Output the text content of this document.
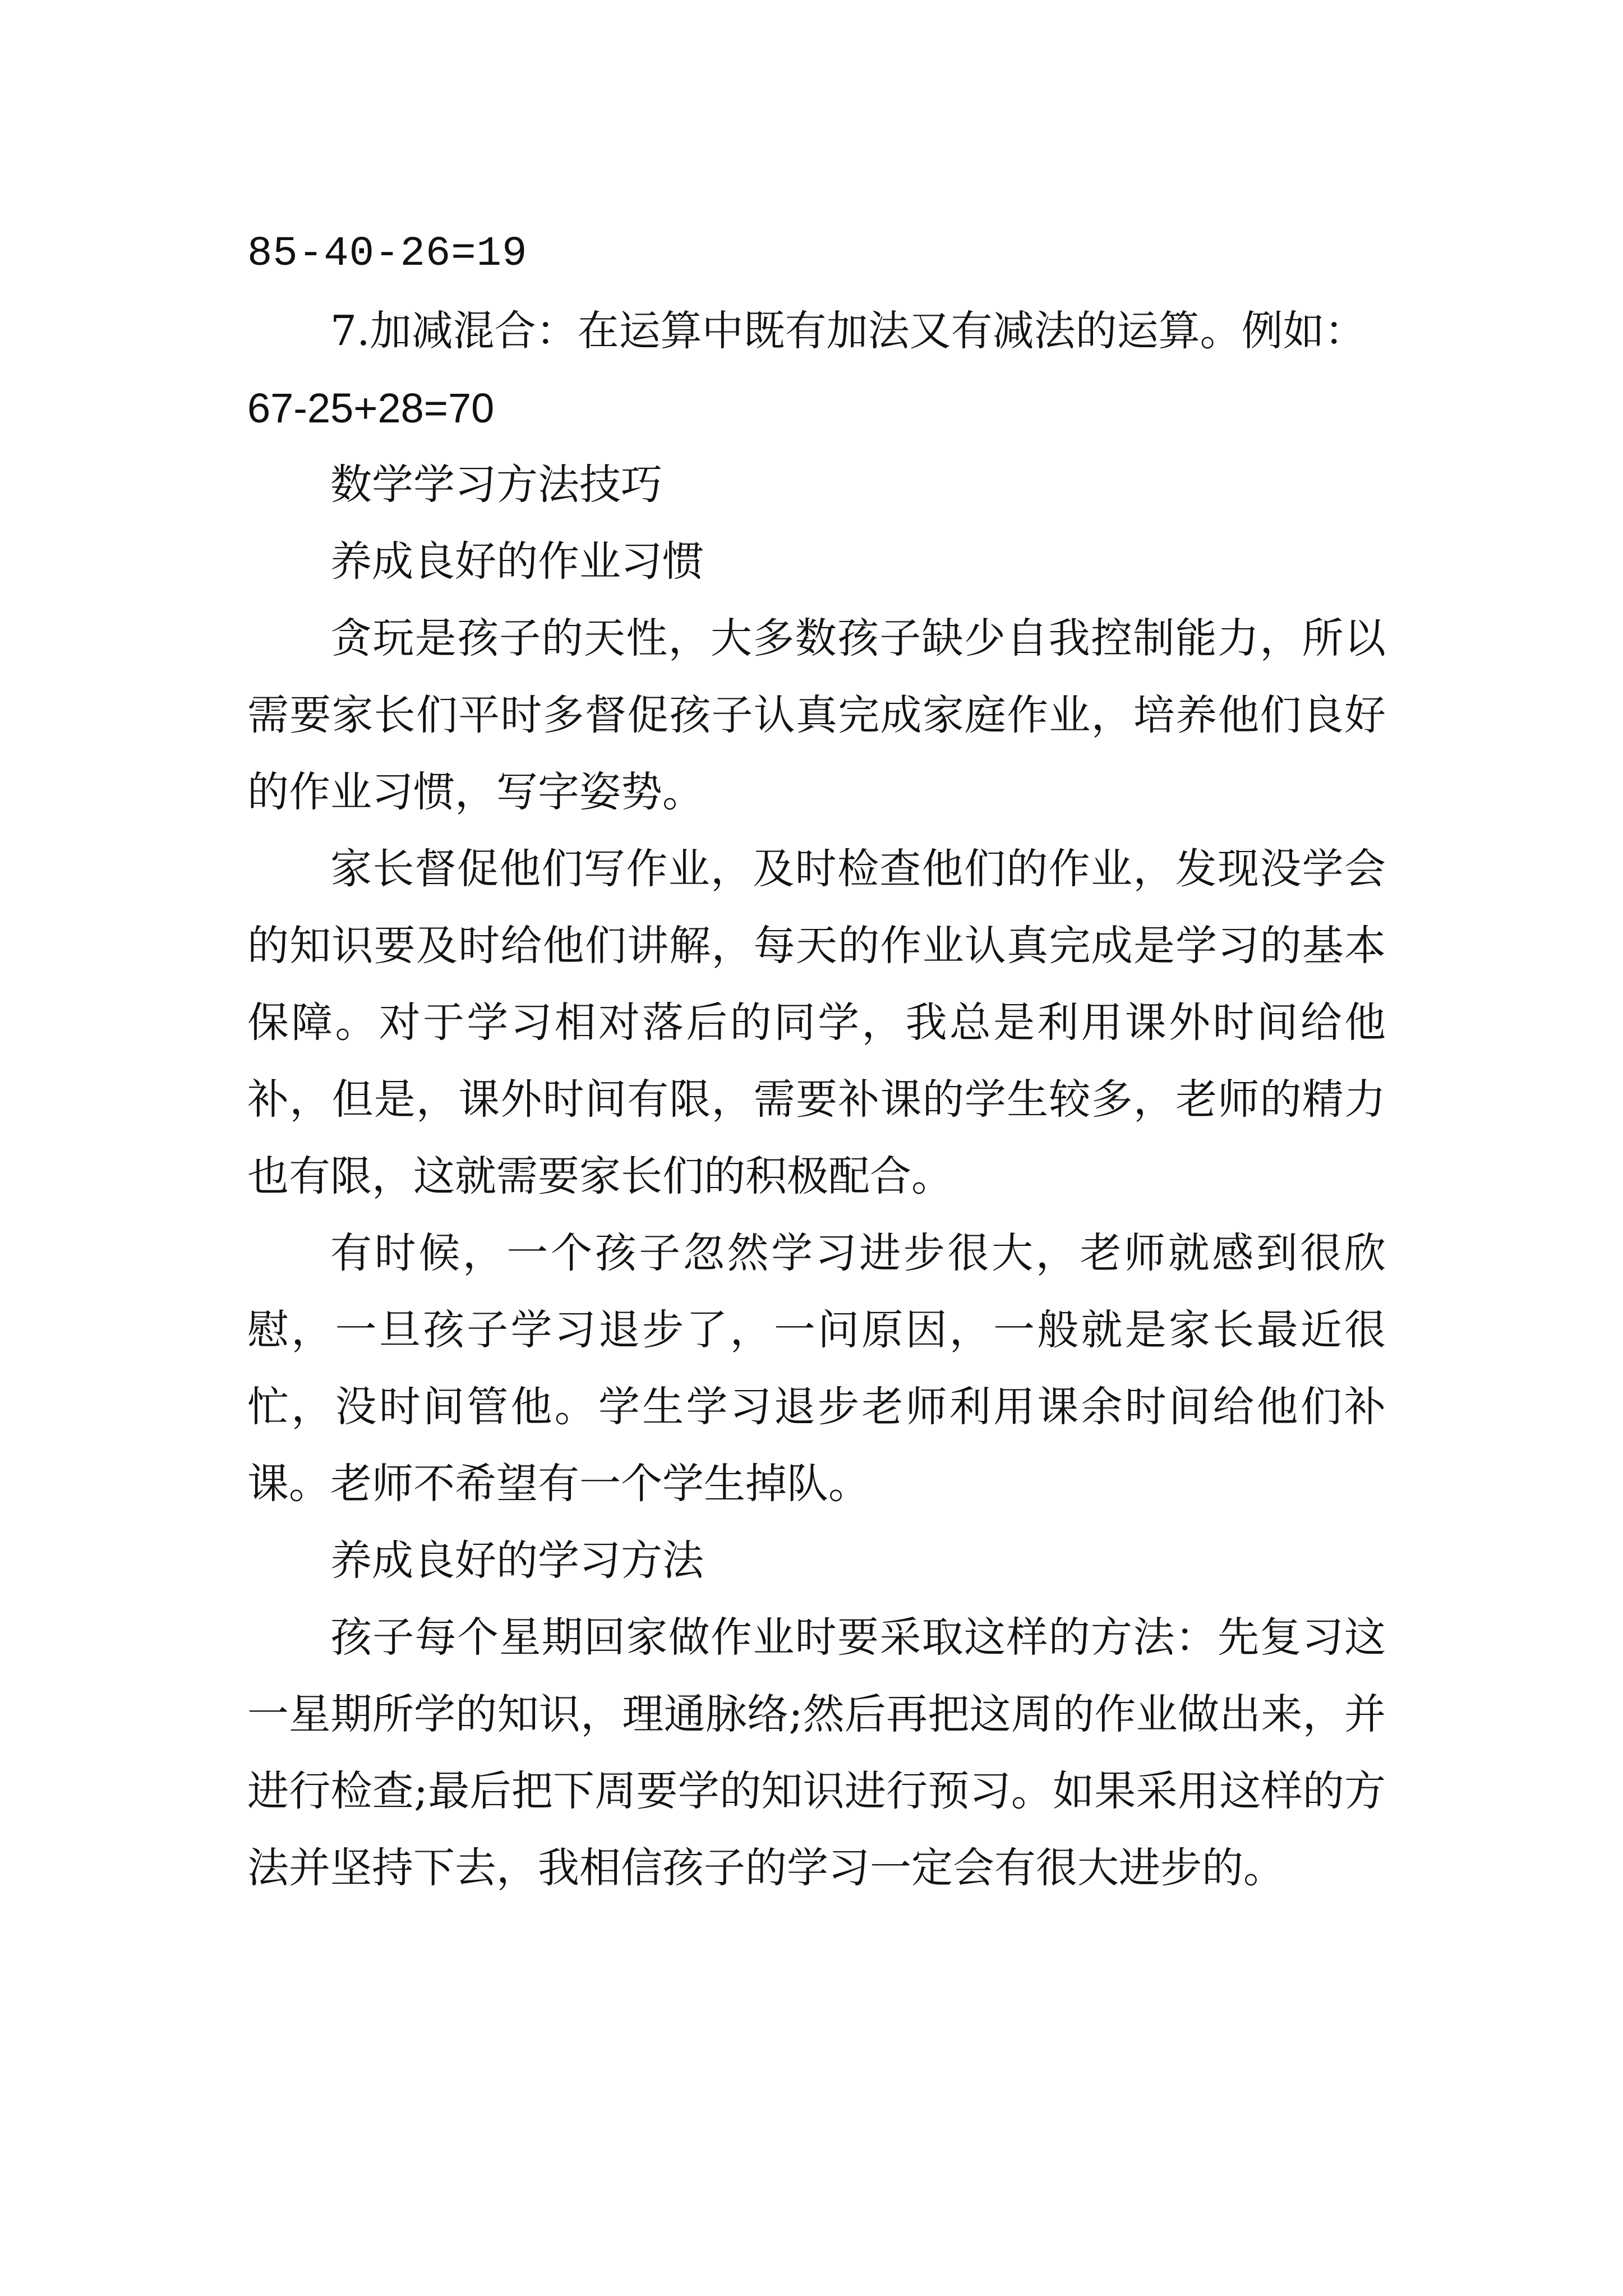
85-40-26=19

7.加减混合：在运算中既有加法又有减法的运算。例如：

67-25+28=70

数学学习方法技巧

养成良好的作业习惯

贪玩是孩子的天性，大多数孩子缺少自我控制能力，所以需要家长们平时多督促孩子认真完成家庭作业，培养他们良好的作业习惯，写字姿势。

家长督促他们写作业，及时检查他们的作业，发现没学会的知识要及时给他们讲解，每天的作业认真完成是学习的基本保障。对于学习相对落后的同学，我总是利用课外时间给他补，但是，课外时间有限，需要补课的学生较多，老师的精力也有限，这就需要家长们的积极配合。

有时候，一个孩子忽然学习进步很大，老师就感到很欣慰，一旦孩子学习退步了，一问原因，一般就是家长最近很忙，没时间管他。学生学习退步老师利用课余时间给他们补课。老师不希望有一个学生掉队。

养成良好的学习方法

孩子每个星期回家做作业时要采取这样的方法：先复习这一星期所学的知识，理通脉络;然后再把这周的作业做出来，并进行检查;最后把下周要学的知识进行预习。如果采用这样的方法并坚持下去，我相信孩子的学习一定会有很大进步的。
